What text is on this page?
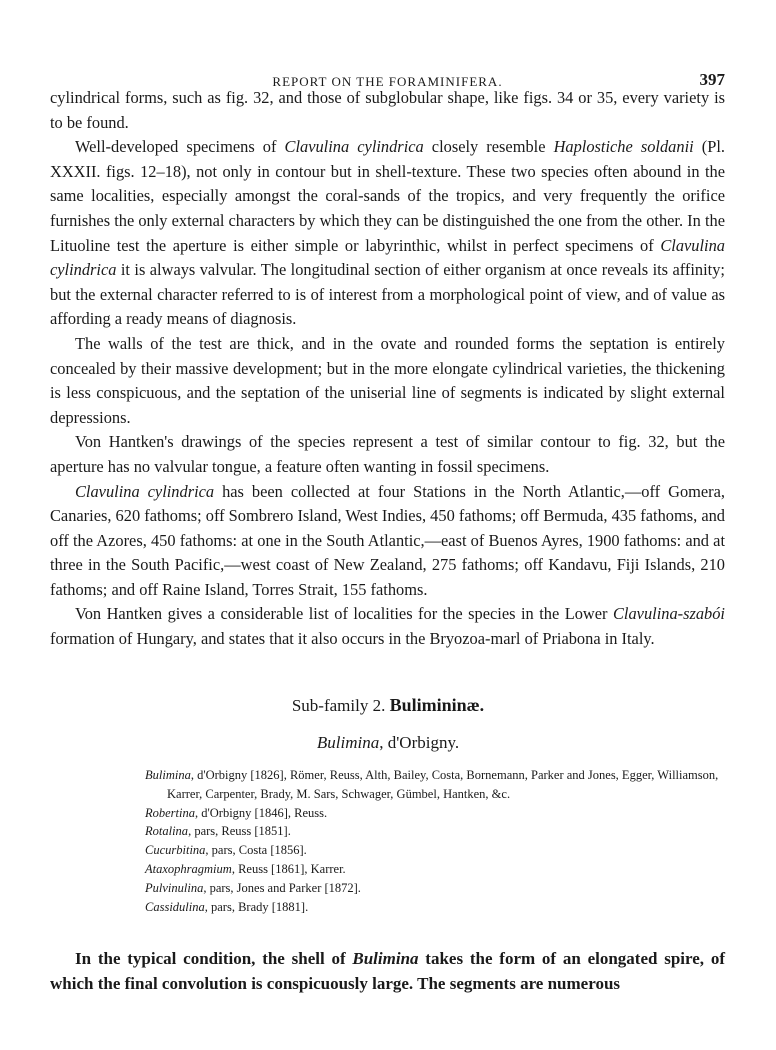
REPORT ON THE FORAMINIFERA.	397

cylindrical forms, such as fig. 32, and those of subglobular shape, like figs. 34 or 35, every variety is to be found.

Well-developed specimens of Clavulina cylindrica closely resemble Haplostiche soldanii (Pl. XXXII. figs. 12–18), not only in contour but in shell-texture. These two species often abound in the same localities, especially amongst the coral-sands of the tropics, and very frequently the orifice furnishes the only external characters by which they can be distinguished the one from the other. In the Lituoline test the aperture is either simple or labyrinthic, whilst in perfect specimens of Clavulina cylindrica it is always valvular. The longitudinal section of either organism at once reveals its affinity; but the external character referred to is of interest from a morphological point of view, and of value as affording a ready means of diagnosis.

The walls of the test are thick, and in the ovate and rounded forms the septation is entirely concealed by their massive development; but in the more elongate cylindrical varieties, the thickening is less conspicuous, and the septation of the uniserial line of segments is indicated by slight external depressions.

Von Hantken's drawings of the species represent a test of similar contour to fig. 32, but the aperture has no valvular tongue, a feature often wanting in fossil specimens.

Clavulina cylindrica has been collected at four Stations in the North Atlantic,—off Gomera, Canaries, 620 fathoms; off Sombrero Island, West Indies, 450 fathoms; off Bermuda, 435 fathoms, and off the Azores, 450 fathoms: at one in the South Atlantic,—east of Buenos Ayres, 1900 fathoms: and at three in the South Pacific,—west coast of New Zealand, 275 fathoms; off Kandavu, Fiji Islands, 210 fathoms; and off Raine Island, Torres Strait, 155 fathoms.

Von Hantken gives a considerable list of localities for the species in the Lower Clavulina-szabói formation of Hungary, and states that it also occurs in the Bryozoa-marl of Priabona in Italy.

Sub-family 2. Bulimininæ.
Bulimina, d'Orbigny.
Bulimina, d'Orbigny [1826], Römer, Reuss, Alth, Bailey, Costa, Bornemann, Parker and Jones, Egger, Williamson, Karrer, Carpenter, Brady, M. Sars, Schwager, Gümbel, Hantken, &c.
Robertina, d'Orbigny [1846], Reuss.
Rotalina, pars, Reuss [1851].
Cucurbitina, pars, Costa [1856].
Ataxophragmium, Reuss [1861], Karrer.
Pulvinulina, pars, Jones and Parker [1872].
Cassidulina, pars, Brady [1881].

In the typical condition, the shell of Bulimina takes the form of an elongated spire, of which the final convolution is conspicuously large. The segments are numerous
